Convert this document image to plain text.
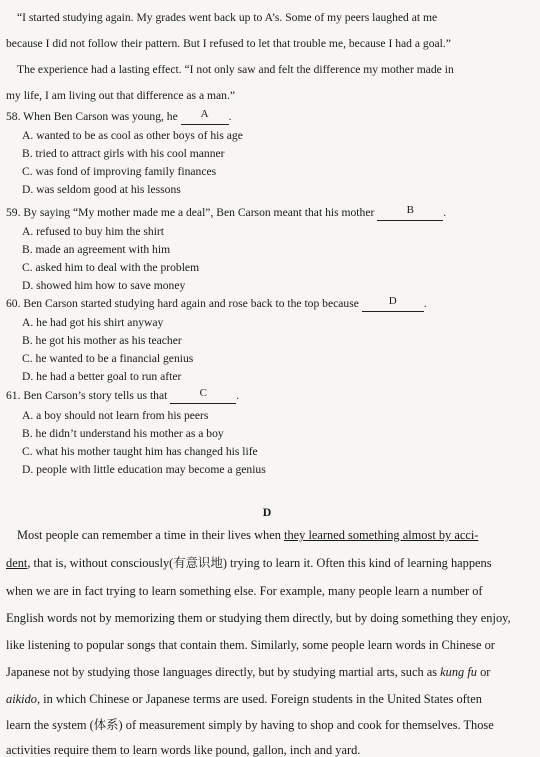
“I started studying again. My grades went back up to A’s. Some of my peers laughed at me
because I did not follow their pattern. But I refused to let that trouble me, because I had a goal.”
The experience had a lasting effect. “I not only saw and felt the difference my mother made in
my life, I am living out that difference as a man.”
58. When Ben Carson was young, he A .
A. wanted to be as cool as other boys of his age
B. tried to attract girls with his cool manner
C. was fond of improving family finances
D. was seldom good at his lessons
59. By saying “My mother made me a deal”, Ben Carson meant that his mother	B	.
A. refused to buy him the shirt
B. made an agreement with him
C. asked him to deal with the problem
D. showed him how to save money
60. Ben Carson started studying hard again and rose back to the top because	D .
A. he had got his shirt anyway
B. he got his mother as his teacher
C. he wanted to be a financial genius
D. he had a better goal to run after
61. Ben Carson’s story tells us that	C	.
A. a boy should not learn from his peers
B. he didn’t understand his mother as a boy
C. what his mother taught him has changed his life
D. people with little education may become a genius
D
Most people can remember a time in their lives when they learned something almost by acci-
dent, that is, without consciously(有意识地) trying to learn it. Often this kind of learning happens
when we are in fact trying to learn something else. For example, many people learn a number of
English words not by memorizing them or studying them directly, but by doing something they enjoy,
like listening to popular songs that contain them. Similarly, some people learn words in Chinese or
Japanese not by studying those languages directly, but by studying martial arts, such as kung fu or
aikido, in which Chinese or Japanese terms are used. Foreign students in the United States often
learn the system (体系) of measurement simply by having to shop and cook for themselves. Those
activities require them to learn words like pound, gallon, inch and yard.
